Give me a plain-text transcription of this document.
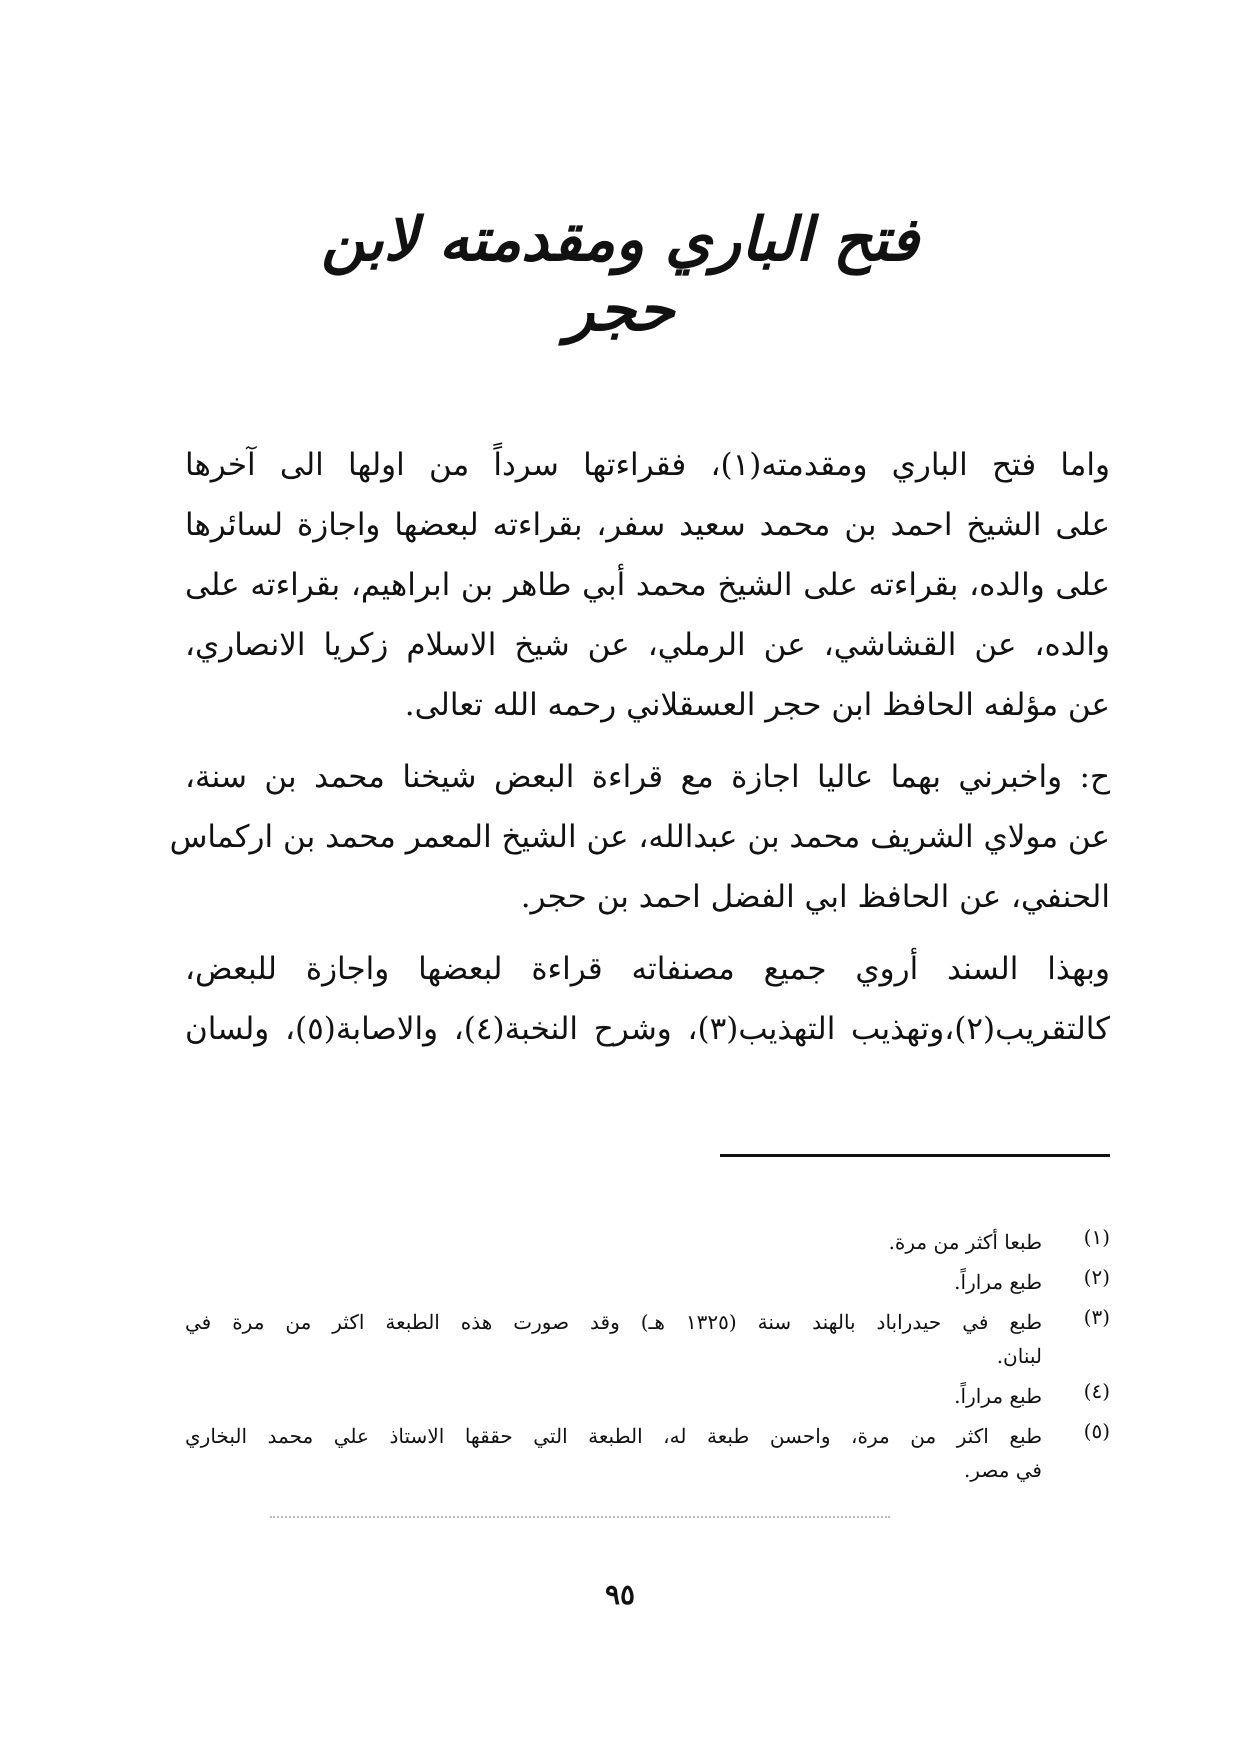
فتح الباري ومقدمته لابن حجر
واما فتح الباري ومقدمته(١)، فقراءتها سرداً من اولها الى آخرها
على الشيخ احمد بن محمد سعيد سفر، بقراءته لبعضها واجازة لسائرها
على والده، بقراءته على الشيخ محمد أبي طاهر بن ابراهيم، بقراءته على
والده، عن القشاشي، عن الرملي، عن شيخ الاسلام زكريا الانصاري،
عن مؤلفه الحافظ ابن حجر العسقلاني رحمه الله تعالى.
ح: واخبرني بهما عاليا اجازة مع قراءة البعض شيخنا محمد بن سنة،
عن مولاي الشريف محمد بن عبدالله، عن الشيخ المعمر محمد بن اركماس
الحنفي، عن الحافظ ابي الفضل احمد بن حجر.
وبهذا السند أروي جميع مصنفاته قراءة لبعضها واجازة للبعض،
كالتقريب(٢)،وتهذيب التهذيب(٣)، وشرح النخبة(٤)، والاصابة(٥)، ولسان
(١)
طبعا أكثر من مرة.
(٢)
طبع مراراً.
(٣)
طبع في حيدراباد بالهند سنة (١٣٢٥ هـ) وقد صورت هذه الطبعة اكثر من مرة في
لبنان.
(٤)
طبع مراراً.
(٥)
طبع اكثر من مرة، واحسن طبعة له، الطبعة التي حققها الاستاذ علي محمد البخاري
في مصر.
٩٥
